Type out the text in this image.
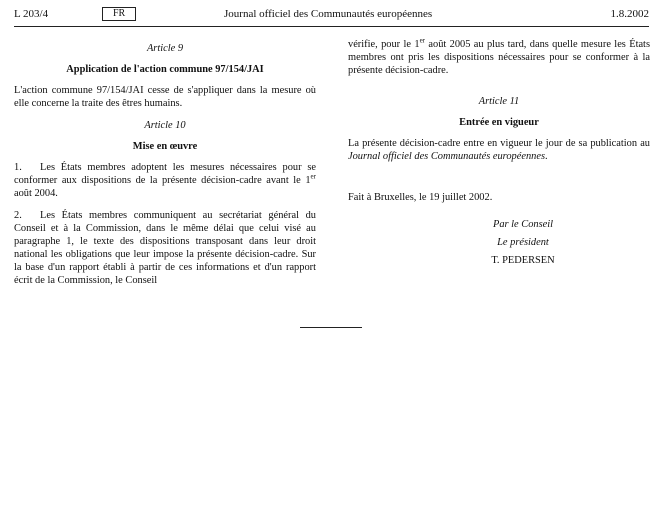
L 203/4	FR	Journal officiel des Communautés européennes	1.8.2002
Article 9
Application de l'action commune 97/154/JAI

L'action commune 97/154/JAI cesse de s'appliquer dans la mesure où elle concerne la traite des êtres humains.

Article 10
Mise en œuvre

1. Les États membres adoptent les mesures nécessaires pour se conformer aux dispositions de la présente décision-cadre avant le 1er août 2004.

2. Les États membres communiquent au secrétariat général du Conseil et à la Commission, dans le même délai que celui visé au paragraphe 1, le texte des dispositions transposant dans leur droit national les obligations que leur impose la présente décision-cadre. Sur la base d'un rapport établi à partir de ces informations et d'un rapport écrit de la Commission, le Conseil

vérifie, pour le 1er août 2005 au plus tard, dans quelle mesure les États membres ont pris les dispositions nécessaires pour se conformer à la présente décision-cadre.

Article 11
Entrée en vigueur

La présente décision-cadre entre en vigueur le jour de sa publication au Journal officiel des Communautés européennes.

Fait à Bruxelles, le 19 juillet 2002.

Par le Conseil
Le président
T. PEDERSEN
